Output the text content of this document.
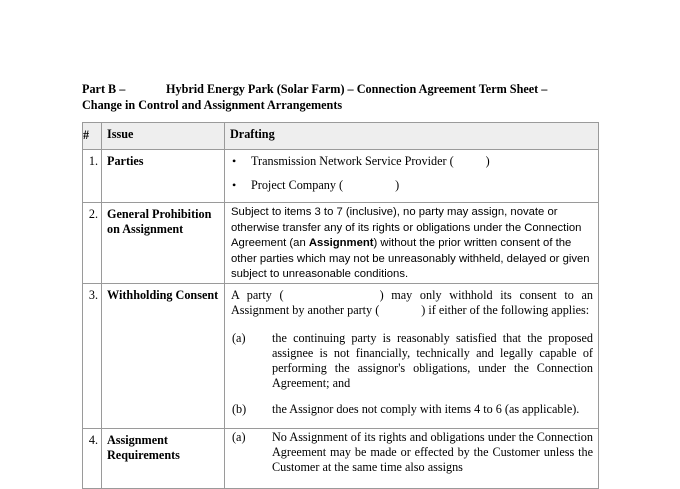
Part B –	Hybrid Energy Park (Solar Farm) – Connection Agreement Term Sheet –
Change in Control and Assignment Arrangements
#	Issue	Drafting
1.	Parties	• Transmission Network Service Provider ( )
• Project Company ( )

2.	General Prohibition on Assignment	Subject to items 3 to 7 (inclusive), no party may assign, novate or otherwise transfer any of its rights or obligations under the Connection Agreement (an Assignment) without the prior written consent of the other parties which may not be unreasonably withheld, delayed or given subject to unreasonable conditions.
3.	Withholding Consent	A party ( ) may only withhold its consent to an Assignment by another party ( ) if either of the following applies:
(a) the continuing party is reasonably satisfied that the proposed assignee is not financially, technically and legally capable of performing the assignor's obligations, under the Connection Agreement; and
(b) the Assignor does not comply with items 4 to 6 (as applicable).

4.	Assignment Requirements	(a) No Assignment of its rights and obligations under the Connection Agreement may be made or effected by the Customer unless the Customer at the same time also assigns
